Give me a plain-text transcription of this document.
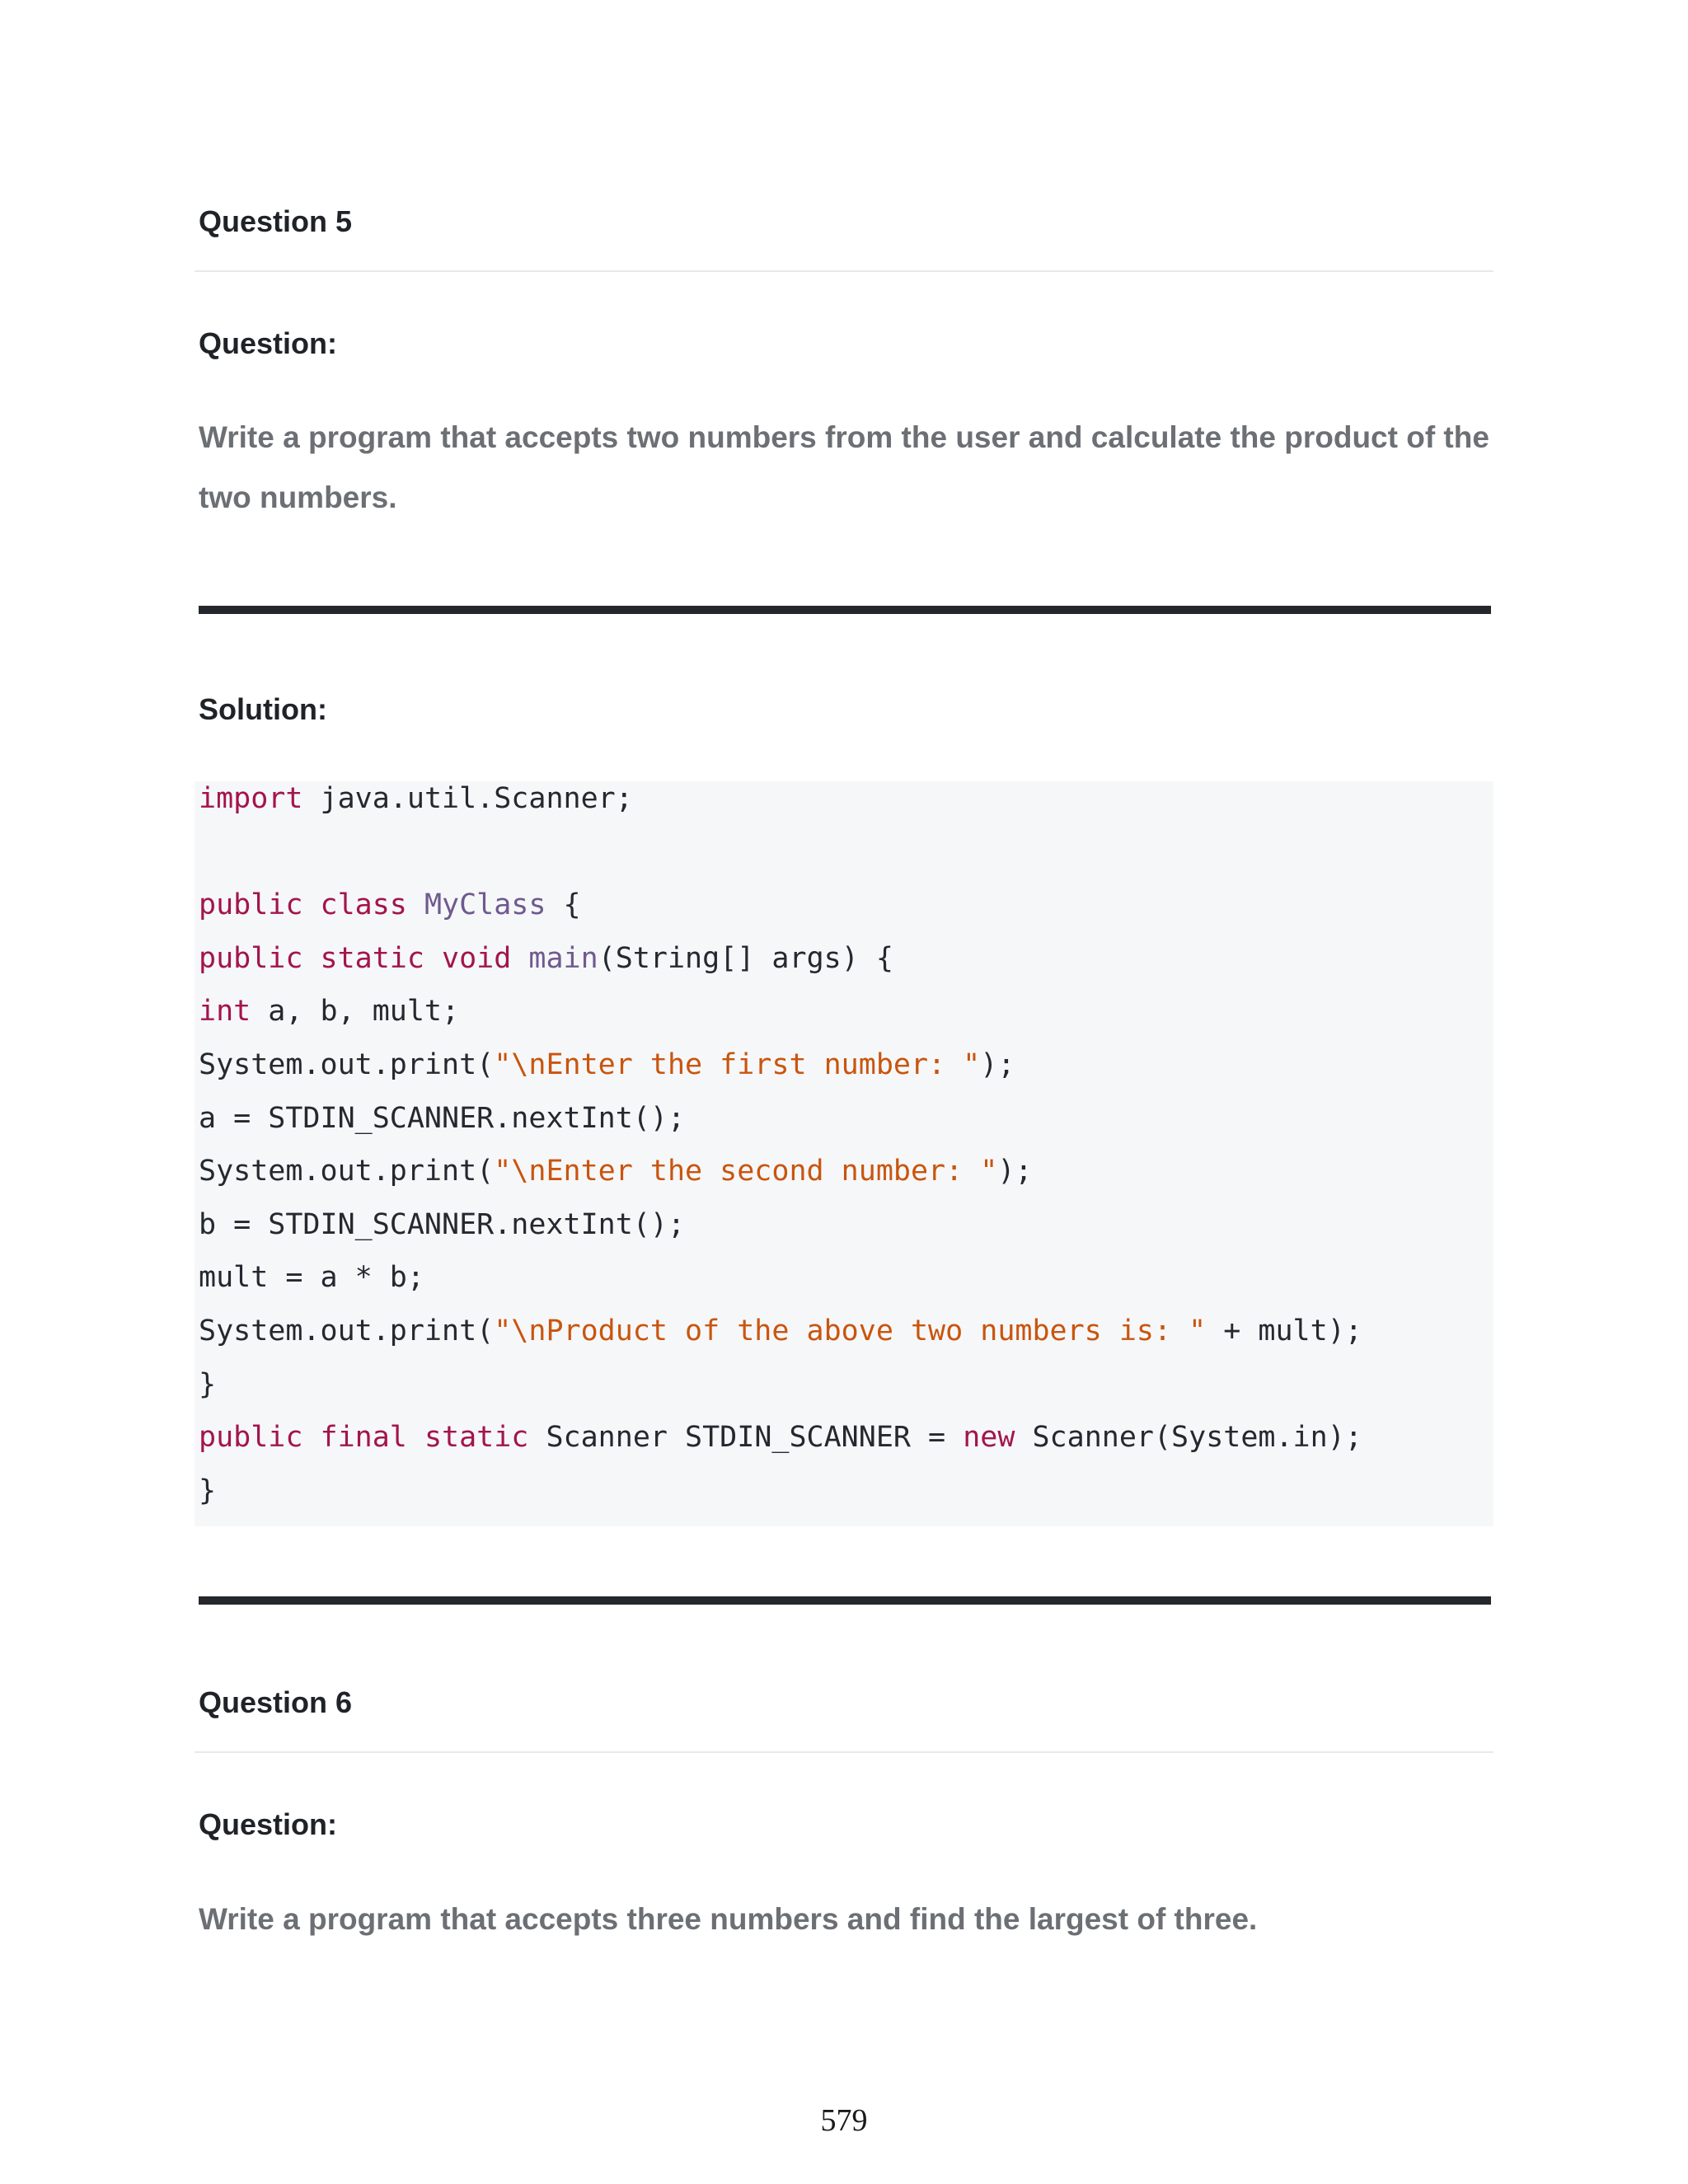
Question 5
Question:

Write a program that accepts two numbers from the user and calculate the product of the two numbers.

Solution:
import java.util.Scanner;
public class MyClass {
public static void main(String[] args) {
int a, b, mult;
System.out.print("\nEnter the first number: ");
a = STDIN_SCANNER.nextInt();
System.out.print("\nEnter the second number: ");
b = STDIN_SCANNER.nextInt();
mult = a * b;
System.out.print("\nProduct of the above two numbers is: " + mult);
}
public final static Scanner STDIN_SCANNER = new Scanner(System.in);
}
Question 6
Question:

Write a program that accepts three numbers and find the largest of three.

579
